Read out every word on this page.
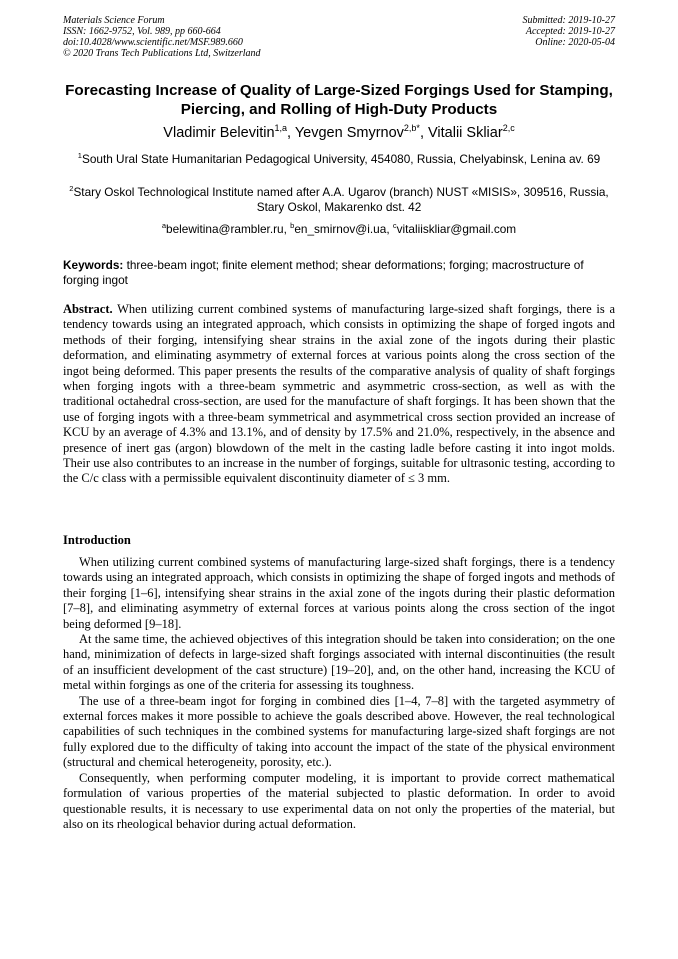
Materials Science Forum
ISSN: 1662-9752, Vol. 989, pp 660-664
doi:10.4028/www.scientific.net/MSF.989.660
© 2020 Trans Tech Publications Ltd, Switzerland
Submitted: 2019-10-27
Accepted: 2019-10-27
Online: 2020-05-04
Forecasting Increase of Quality of Large-Sized Forgings Used for Stamping, Piercing, and Rolling of High-Duty Products
Vladimir Belevitin$^{1,a}$, Yevgen Smyrnov$^{2,b*}$, Vitalii Skliar$^{2,c}$
$^1$South Ural State Humanitarian Pedagogical University, 454080, Russia, Chelyabinsk, Lenina av. 69
$^2$Stary Oskol Technological Institute named after A.A. Ugarov (branch) NUST «MISIS», 309516, Russia, Stary Oskol, Makarenko dst. 42
$^a$belewitina@rambler.ru, $^b$en_smirnov@i.ua, $^c$vitaliiskliar@gmail.com
Keywords: three-beam ingot; finite element method; shear deformations; forging; macrostructure of forging ingot
Abstract. When utilizing current combined systems of manufacturing large-sized shaft forgings, there is a tendency towards using an integrated approach, which consists in optimizing the shape of forged ingots and methods of their forging, intensifying shear strains in the axial zone of the ingots during their plastic deformation, and eliminating asymmetry of external forces at various points along the cross section of the ingot being deformed. This paper presents the results of the comparative analysis of quality of shaft forgings when forging ingots with a three-beam symmetric and asymmetric cross-section, as well as with the traditional octahedral cross-section, are used for the manufacture of shaft forgings. It has been shown that the use of forging ingots with a three-beam symmetrical and asymmetrical cross section provided an increase of KCU by an average of 4.3% and 13.1%, and of density by 17.5% and 21.0%, respectively, in the absence and presence of inert gas (argon) blowdown of the melt in the casting ladle before casting it into ingot molds. Their use also contributes to an increase in the number of forgings, suitable for ultrasonic testing, according to the C/c class with a permissible equivalent discontinuity diameter of ≤ 3 mm.
Introduction

When utilizing current combined systems of manufacturing large-sized shaft forgings, there is a tendency towards using an integrated approach, which consists in optimizing the shape of forged ingots and methods of their forging [1–6], intensifying shear strains in the axial zone of the ingots during their plastic deformation [7–8], and eliminating asymmetry of external forces at various points along the cross section of the ingot being deformed [9–18].

At the same time, the achieved objectives of this integration should be taken into consideration; on the one hand, minimization of defects in large-sized shaft forgings associated with internal discontinuities (the result of an insufficient development of the cast structure) [19–20], and, on the other hand, increasing the KCU of metal within forgings as one of the criteria for assessing its toughness.

The use of a three-beam ingot for forging in combined dies [1–4, 7–8] with the targeted asymmetry of external forces makes it more possible to achieve the goals described above. However, the real technological capabilities of such techniques in the combined systems for manufacturing large-sized shaft forgings are not fully explored due to the difficulty of taking into account the impact of the state of the physical environment (structural and chemical heterogeneity, porosity, etc.).

Consequently, when performing computer modeling, it is important to provide correct mathematical formulation of various properties of the material subjected to plastic deformation. In order to avoid questionable results, it is necessary to use experimental data on not only the properties of the material, but also on its rheological behavior during actual deformation.
